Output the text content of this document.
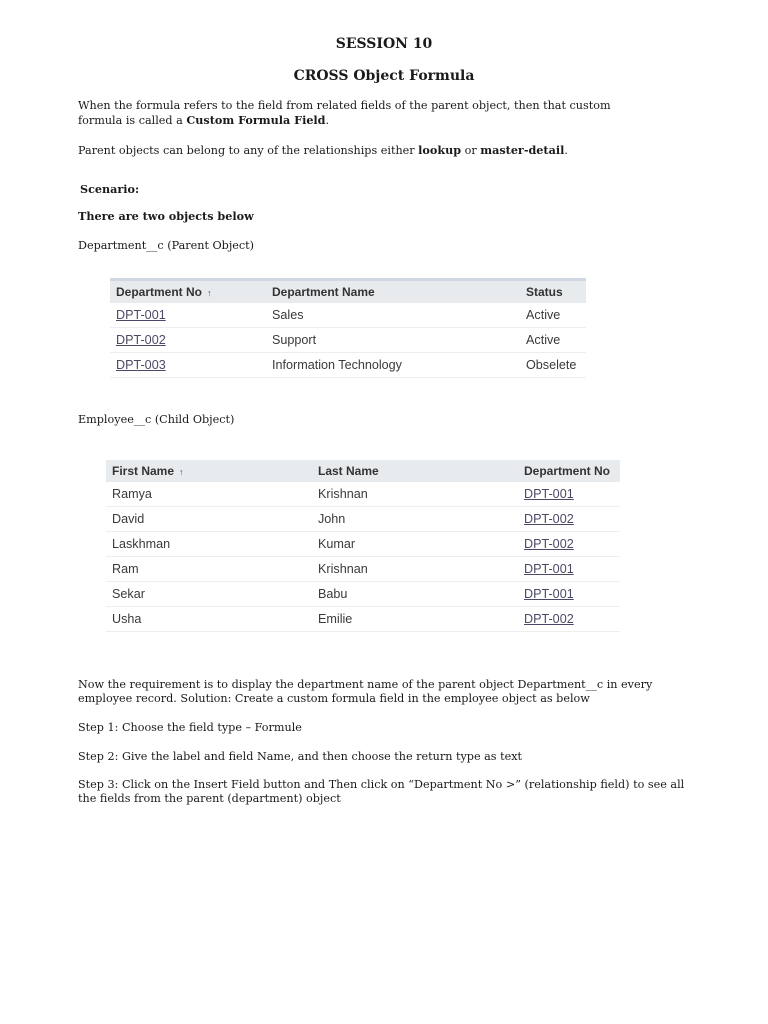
SESSION 10
CROSS Object Formula
When the formula refers to the field from related fields of the parent object, then that custom formula is called a Custom Formula Field.
Parent objects can belong to any of the relationships either lookup or master-detail.
Scenario:
There are two objects below
Department__c (Parent Object)
Department No ↑	Department Name	Status
DPT-001	Sales	Active
DPT-002	Support	Active
DPT-003	Information Technology	Obselete
Employee__c (Child Object)
First Name ↑	Last Name	Department No
Ramya	Krishnan	DPT-001
David	John	DPT-002
Laskhman	Kumar	DPT-002
Ram	Krishnan	DPT-001
Sekar	Babu	DPT-001
Usha	Emilie	DPT-002
Now the requirement is to display the department name of the parent object Department__c in every
employee record. Solution: Create a custom formula field in the employee object as below
Step 1: Choose the field type – Formule
Step 2: Give the label and field Name, and then choose the return type as text
Step 3: Click on the Insert Field button and Then click on “Department No >” (relationship field) to see all
the fields from the parent (department) object
